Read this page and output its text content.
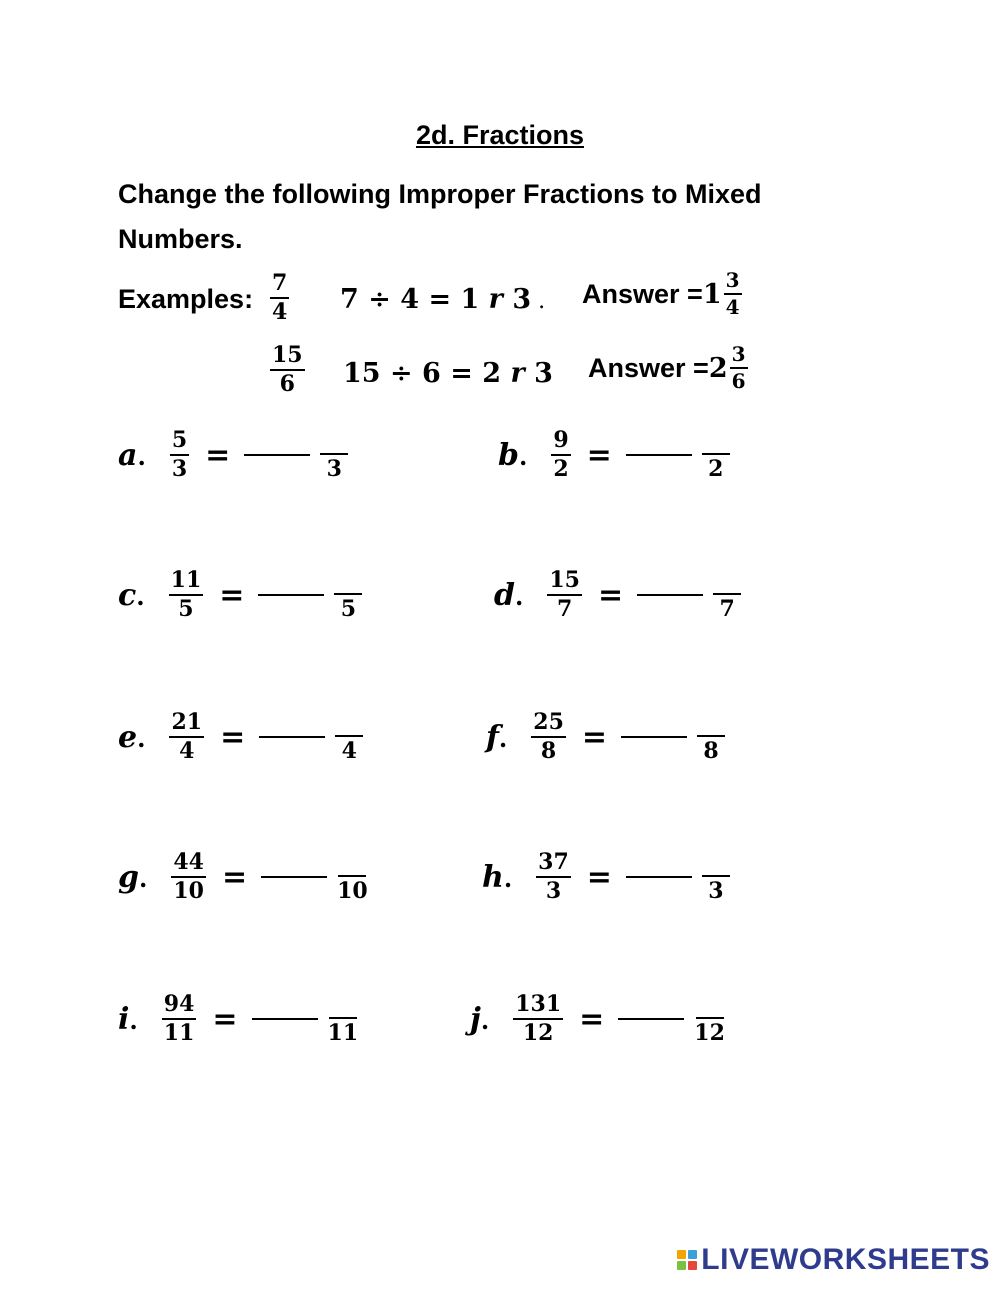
2d. Fractions
Change the following Improper Fractions to Mixed Numbers.
Examples: $\frac{7}{4} 7 \div 4 = 1$ r 3 . Answer = $1 \frac{3}{4}$
$\frac{15}{6} 15 \div 6 = 2$ r 3 Answer = $2 \frac{3}{6}$
a. $\frac{5}{3}$ =	3	b. $\frac{9}{2}$ =	2
c. $\frac{11}{5}$ =	5	d. $\frac{15}{7}$ =	7
e. $\frac{21}{4}$ =	4	f. $\frac{25}{8}$ =	8
g. $\frac{44}{10}$ =	10	h. $\frac{37}{3}$ =	3
i. $\frac{94}{11}$ =	11	j. $\frac{131}{12}$ =	12
LIVEWORKSHEETS
